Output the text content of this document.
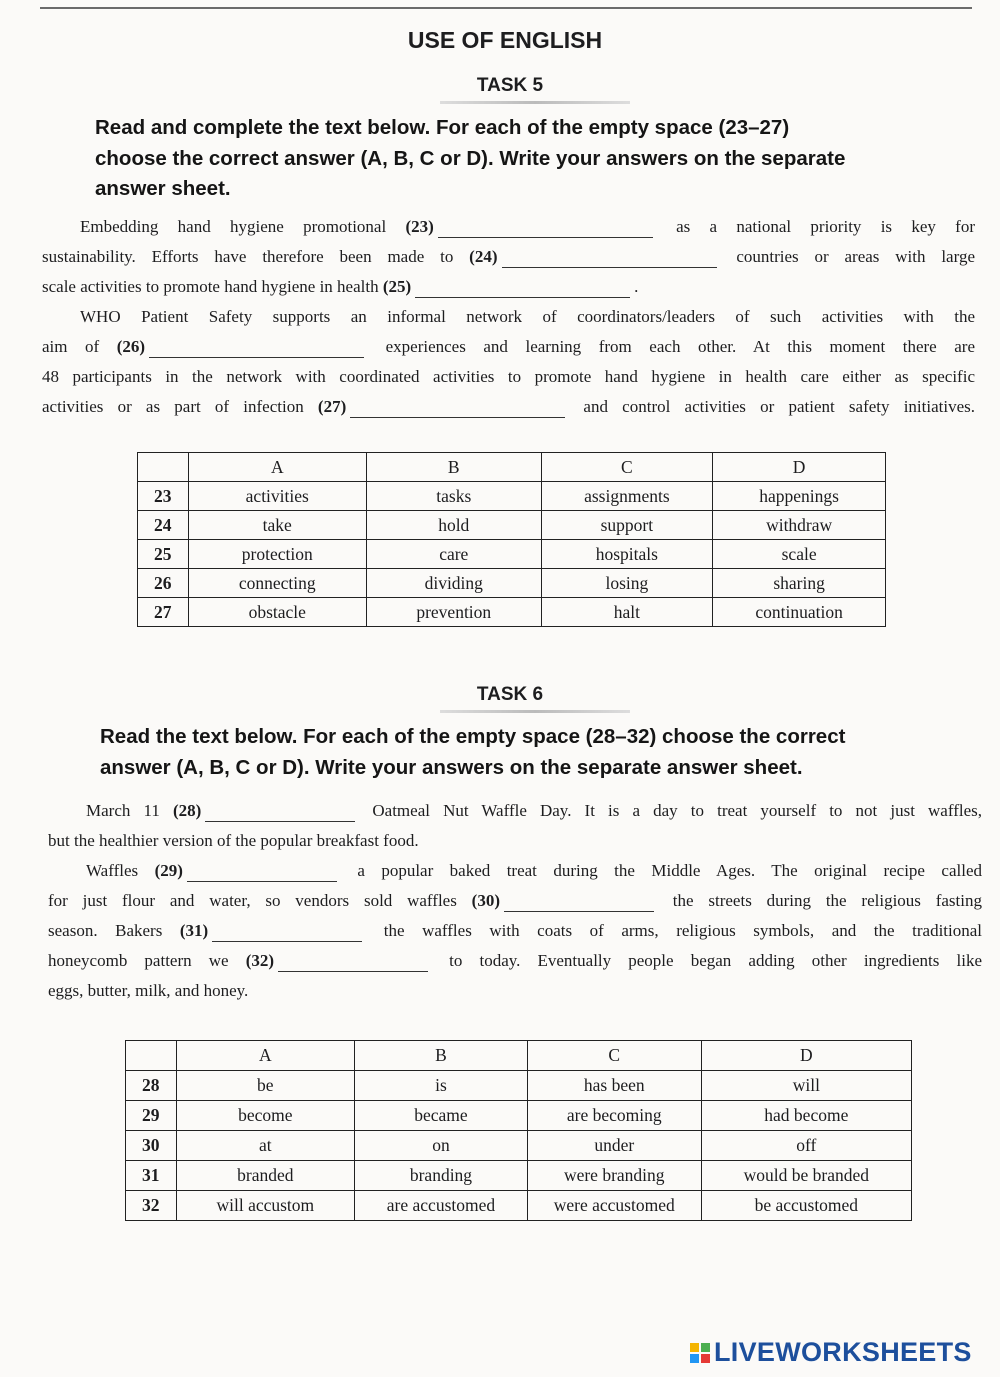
USE OF ENGLISH
TASK 5
Read and complete the text below. For each of the empty space (23–27)
choose the correct answer (A, B, C or D). Write your answers on the separate
answer sheet.
Embedding hand hygiene promotional (23)	as a national priority is key for
sustainability. Efforts have therefore been made to (24)	countries or areas with large
scale activities to promote hand hygiene in health (25)	.
WHO Patient Safety supports an informal network of coordinators/leaders of such activities with the
aim of (26)	experiences and learning from each other. At this moment there are
48 participants in the network with coordinated activities to promote hand hygiene in health care either as specific
activities or as part of infection (27)	and control activities or patient safety initiatives.
	A	B	C	D
23	activities	tasks	assignments	happenings
24	take	hold	support	withdraw
25	protection	care	hospitals	scale
26	connecting	dividing	losing	sharing
27	obstacle	prevention	halt	continuation
TASK 6
Read the text below. For each of the empty space (28–32) choose the correct
answer (A, B, C or D). Write your answers on the separate answer sheet.
March 11 (28)	Oatmeal Nut Waffle Day. It is a day to treat yourself to not just waffles,
but the healthier version of the popular breakfast food.
Waffles (29)	a popular baked treat during the Middle Ages. The original recipe called
for just flour and water, so vendors sold waffles (30)	the streets during the religious fasting
season. Bakers (31)	the waffles with coats of arms, religious symbols, and the traditional
honeycomb pattern we (32)	to today. Eventually people began adding other ingredients like
eggs, butter, milk, and honey.
	A	B	C	D
28	be	is	has been	will
29	become	became	are becoming	had become
30	at	on	under	off
31	branded	branding	were branding	would be branded
32	will accustom	are accustomed	were accustomed	be accustomed
LIVEWORKSHEETS
